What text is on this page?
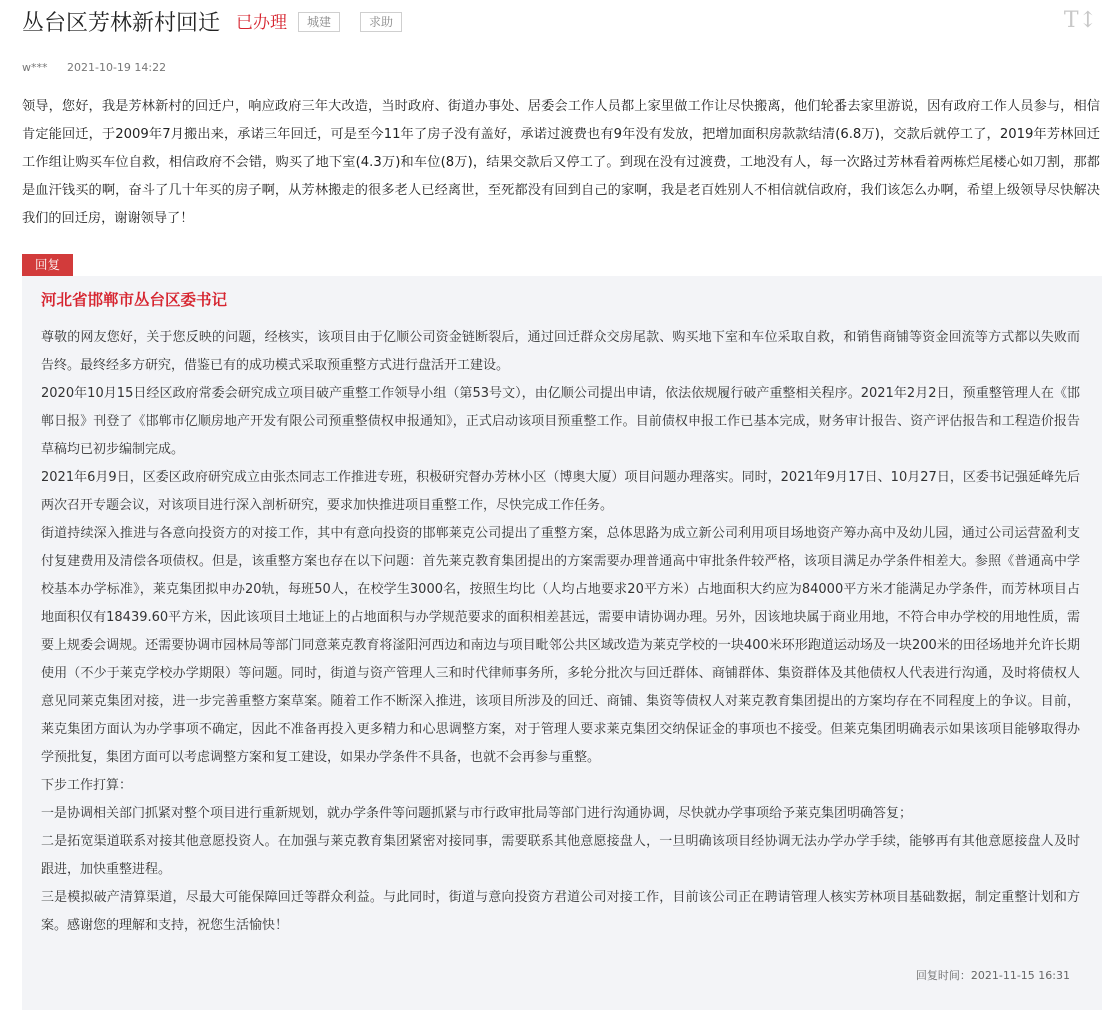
丛台区芳林新村回迁 已办理	城建	求助	T↕
w*** 2021-10-19 14:22

领导，您好，我是芳林新村的回迁户，响应政府三年大改造，当时政府、街道办事处、居委会工作人员都上家里做工作让尽快搬离，他们轮番去家里游说，因有政府工作人员参与，相信肯定能回迁，于2009年7月搬出来，承诺三年回迁，可是至今11年了房子没有盖好，承诺过渡费也有9年没有发放，把增加面积房款款结清(6.8万)，交款后就停工了，2019年芳林回迁工作组让购买车位自救，相信政府不会错，购买了地下室(4.3万)和车位(8万)，结果交款后又停工了。到现在没有过渡费，工地没有人，每一次路过芳林看着两栋烂尾楼心如刀割，那都是血汗钱买的啊，奋斗了几十年买的房子啊，从芳林搬走的很多老人已经离世，至死都没有回到自己的家啊，我是老百姓别人不相信就信政府，我们该怎么办啊，希望上级领导尽快解决我们的回迁房，谢谢领导了！

回复
河北省邯郸市丛台区委书记

尊敬的网友您好，关于您反映的问题，经核实，该项目由于亿顺公司资金链断裂后，通过回迁群众交房尾款、购买地下室和车位采取自救，和销售商铺等资金回流等方式都以失败而告终。最终经多方研究，借鉴已有的成功模式采取预重整方式进行盘活开工建设。

2020年10月15日经区政府常委会研究成立项目破产重整工作领导小组（第53号文），由亿顺公司提出申请，依法依规履行破产重整相关程序。2021年2月2日，预重整管理人在《邯郸日报》刊登了《邯郸市亿顺房地产开发有限公司预重整债权申报通知》，正式启动该项目预重整工作。目前债权申报工作已基本完成，财务审计报告、资产评估报告和工程造价报告草稿均已初步编制完成。

2021年6月9日，区委区政府研究成立由张杰同志工作推进专班，积极研究督办芳林小区（博奥大厦）项目问题办理落实。同时，2021年9月17日、10月27日，区委书记强延峰先后两次召开专题会议，对该项目进行深入剖析研究，要求加快推进项目重整工作，尽快完成工作任务。

街道持续深入推进与各意向投资方的对接工作，其中有意向投资的邯郸莱克公司提出了重整方案，总体思路为成立新公司利用项目场地资产筹办高中及幼儿园，通过公司运营盈利支付复建费用及清偿各项债权。但是，该重整方案也存在以下问题：首先莱克教育集团提出的方案需要办理普通高中审批条件较严格，该项目满足办学条件相差大。参照《普通高中学校基本办学标准》，莱克集团拟申办20轨，每班50人，在校学生3000名，按照生均比（人均占地要求20平方米）占地面积大约应为84000平方米才能满足办学条件，而芳林项目占地面积仅有18439.60平方米，因此该项目土地证上的占地面积与办学规范要求的面积相差甚远，需要申请协调办理。另外，因该地块属于商业用地，不符合申办学校的用地性质，需要上规委会调规。还需要协调市园林局等部门同意莱克教育将滏阳河西边和南边与项目毗邻公共区域改造为莱克学校的一块400米环形跑道运动场及一块200米的田径场地并允许长期使用（不少于莱克学校办学期限）等问题。同时，街道与资产管理人三和时代律师事务所，多轮分批次与回迁群体、商铺群体、集资群体及其他债权人代表进行沟通，及时将债权人意见同莱克集团对接，进一步完善重整方案草案。随着工作不断深入推进，该项目所涉及的回迁、商铺、集资等债权人对莱克教育集团提出的方案均存在不同程度上的争议。目前，莱克集团方面认为办学事项不确定，因此不准备再投入更多精力和心思调整方案，对于管理人要求莱克集团交纳保证金的事项也不接受。但莱克集团明确表示如果该项目能够取得办学预批复，集团方面可以考虑调整方案和复工建设，如果办学条件不具备，也就不会再参与重整。

下步工作打算：

一是协调相关部门抓紧对整个项目进行重新规划，就办学条件等问题抓紧与市行政审批局等部门进行沟通协调，尽快就办学事项给予莱克集团明确答复；

二是拓宽渠道联系对接其他意愿投资人。在加强与莱克教育集团紧密对接同事，需要联系其他意愿接盘人，一旦明确该项目经协调无法办学办学手续，能够再有其他意愿接盘人及时跟进，加快重整进程。

三是模拟破产清算渠道，尽最大可能保障回迁等群众利益。与此同时，街道与意向投资方君道公司对接工作，目前该公司正在聘请管理人核实芳林项目基础数据，制定重整计划和方案。感谢您的理解和支持，祝您生活愉快！

回复时间：2021-11-15 16:31
